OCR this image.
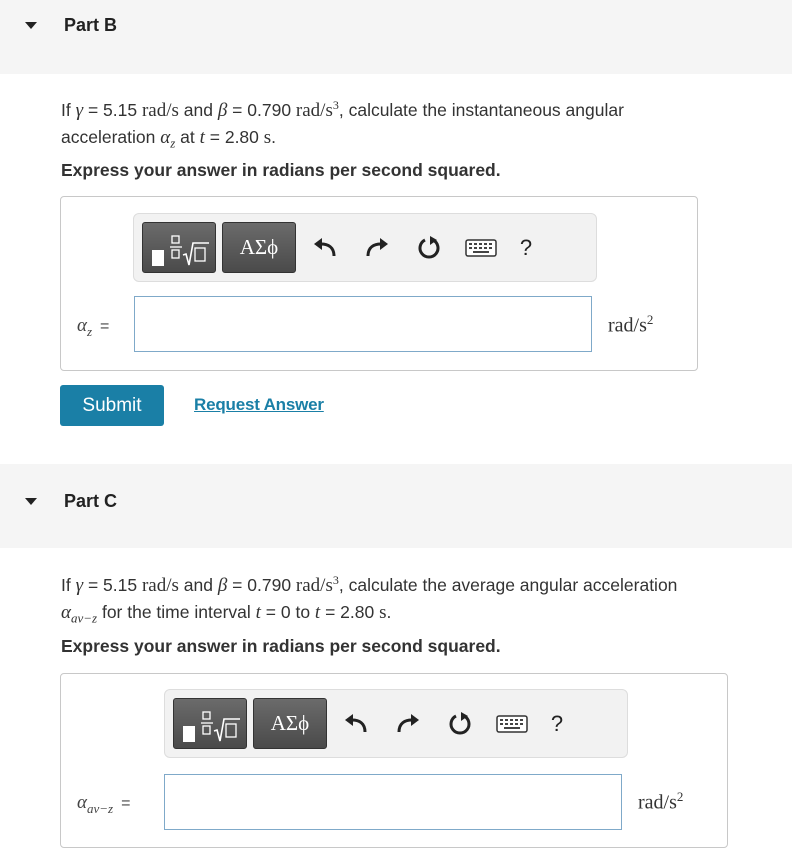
Part B
If γ = 5.15 rad/s and β = 0.790 rad/$s^3$, calculate the instantaneous angular
acceleration $\alpha_z$ at t = 2.80 s.
Express your answer in radians per second squared.
ΑΣϕ	?
$\alpha_z$ =	rad/$s^2$
Submit	Request Answer
Part C
If γ = 5.15 rad/s and β = 0.790 rad/$s^3$, calculate the average angular acceleration
$\alpha_{av-z}$ for the time interval t = 0 to t = 2.80 s.
Express your answer in radians per second squared.
ΑΣϕ	?
$\alpha_{av-z}$ =	rad/$s^2$
